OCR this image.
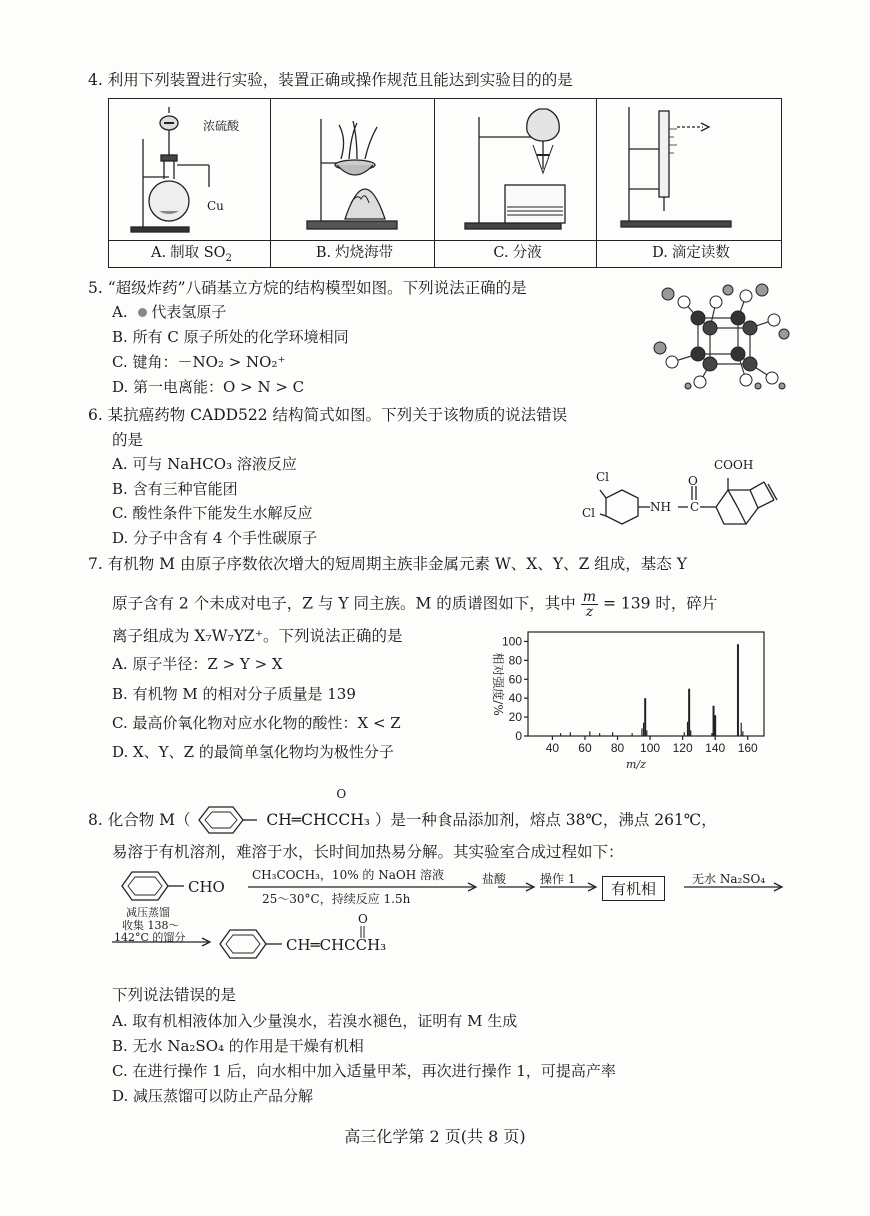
4. 利用下列装置进行实验，装置正确或操作规范且能达到实验目的的是
浓硫酸
Cu
A. 制取 $SO_2$	B. 灼烧海带	C. 分液	D. 滴定读数
5. “超级炸药”八硝基立方烷的结构模型如图。下列说法正确的是
A. 代表氢原子
B. 所有 C 原子所处的化学环境相同
C. 键角：－NO₂ > NO₂⁺
D. 第一电离能：O > N > C
6. 某抗癌药物 CADD522 结构简式如图。下列关于该物质的说法错误
的是
A. 可与 NaHCO₃ 溶液反应
B. 含有三种官能团
C. 酸性条件下能发生水解反应
D. 分子中含有 4 个手性碳原子
Cl
Cl	NH
O
C
COOH
7. 有机物 M 由原子序数依次增大的短周期主族非金属元素 W、X、Y、Z 组成，基态 Y
原子含有 2 个未成对电子，Z 与 Y 同主族。M 的质谱图如下，其中 $\frac{m}{z} = 139$ 时，碎片
离子组成为 X₇W₇YZ⁺。下列说法正确的是
A. 原子半径：Z > Y > X
B. 有机物 M 的相对分子质量是 139
C. 最高价氧化物对应水化物的酸性：X < Z
D. X、Y、Z 的最简单氢化物均为极性分子
0
20
40
60
80
100
40 60 80 100 120 140 160
相对强度/%
m/z
8. 化合物 M（	CH═CHCCH₃
O
）是一种食品添加剂，熔点 38℃，沸点 261℃，
易溶于有机溶剂，难溶于水，长时间加热易分解。其实验室合成过程如下：
CHO
CH₃COCH₃，10% 的 NaOH 溶液
25～30°C，持续反应 1.5h
盐酸	操作 1
有机相
无水 Na₂SO₄
减压蒸馏
收集 138～
142°C 的馏分	CH═CHCCH₃
O
下列说法错误的是
A. 取有机相液体加入少量溴水，若溴水褪色，证明有 M 生成
B. 无水 Na₂SO₄ 的作用是干燥有机相
C. 在进行操作 1 后，向水相中加入适量甲苯，再次进行操作 1，可提高产率
D. 减压蒸馏可以防止产品分解
高三化学第 2 页(共 8 页)
